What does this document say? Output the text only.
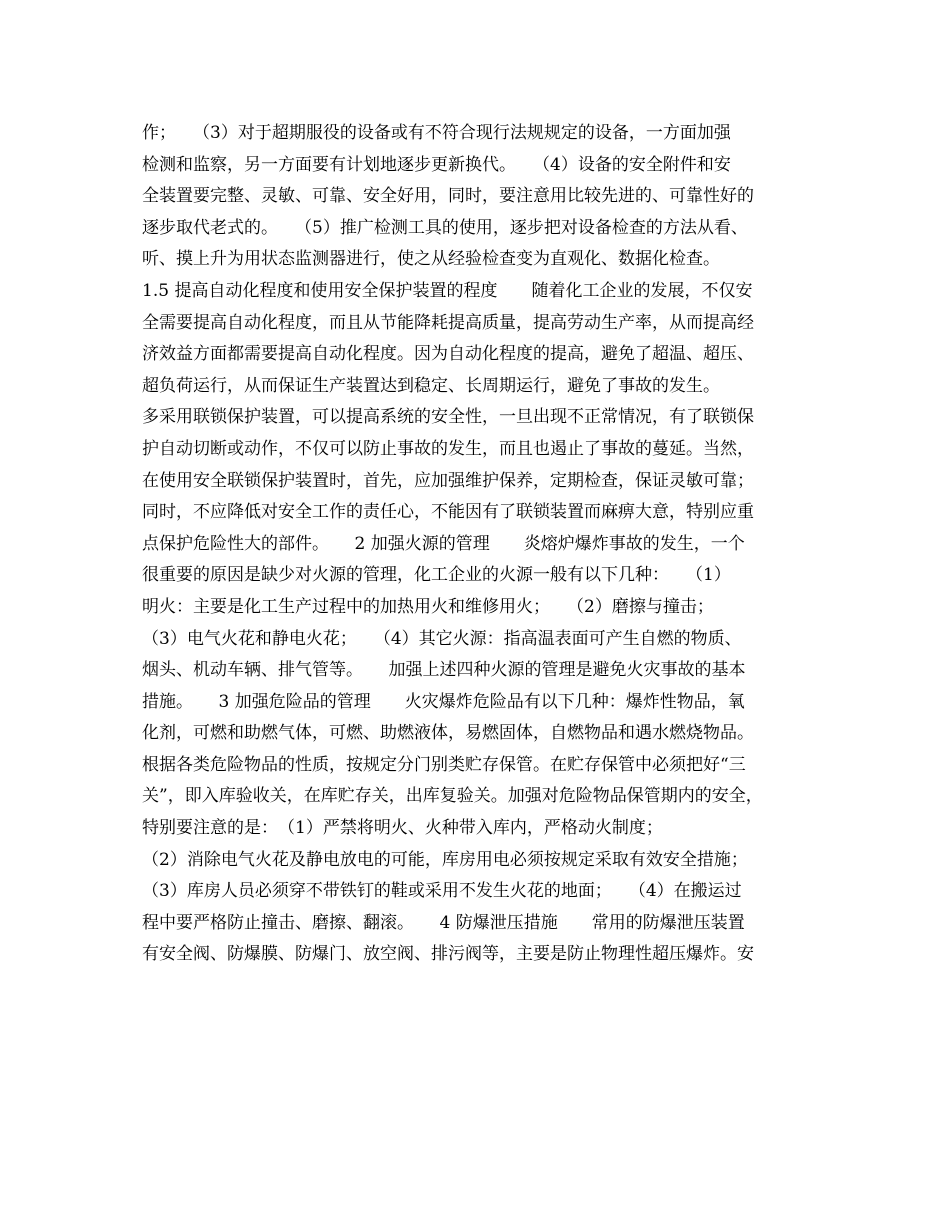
作；　　（3）对于超期服役的设备或有不符合现行法规规定的设备，一方面加强
检测和监察，另一方面要有计划地逐步更新换代。　　（4）设备的安全附件和安
全装置要完整、灵敏、可靠、安全好用，同时，要注意用比较先进的、可靠性好的
逐步取代老式的。　　（5）推广检测工具的使用，逐步把对设备检查的方法从看、
听、摸上升为用状态监测器进行，使之从经验检查变为直观化、数据化检查。
1.5 提高自动化程度和使用安全保护装置的程度　　随着化工企业的发展，不仅安
全需要提高自动化程度，而且从节能降耗提高质量，提高劳动生产率，从而提高经
济效益方面都需要提高自动化程度。因为自动化程度的提高，避免了超温、超压、
超负荷运行，从而保证生产装置达到稳定、长周期运行，避免了事故的发生。
多采用联锁保护装置，可以提高系统的安全性，一旦出现不正常情况，有了联锁保
护自动切断或动作，不仅可以防止事故的发生，而且也遏止了事故的蔓延。当然，
在使用安全联锁保护装置时，首先，应加强维护保养，定期检查，保证灵敏可靠；
同时，不应降低对安全工作的责任心，不能因有了联锁装置而麻痹大意，特别应重
点保护危险性大的部件。　　2 加强火源的管理　　炎熔炉爆炸事故的发生，一个
很重要的原因是缺少对火源的管理，化工企业的火源一般有以下几种：　　（1）
明火：主要是化工生产过程中的加热用火和维修用火；　　（2）磨擦与撞击；
（3）电气火花和静电火花；　　（4）其它火源：指高温表面可产生自燃的物质、
烟头、机动车辆、排气管等。　　加强上述四种火源的管理是避免火灾事故的基本
措施。　　3 加强危险品的管理　　火灾爆炸危险品有以下几种：爆炸性物品，氧
化剂，可燃和助燃气体，可燃、助燃液体，易燃固体，自燃物品和遇水燃烧物品。
根据各类危险物品的性质，按规定分门别类贮存保管。在贮存保管中必须把好“三
关”，即入库验收关，在库贮存关，出库复验关。加强对危险物品保管期内的安全，
特别要注意的是：　（1）严禁将明火、火种带入库内，严格动火制度；
（2）消除电气火花及静电放电的可能，库房用电必须按规定采取有效安全措施；
（3）库房人员必须穿不带铁钉的鞋或采用不发生火花的地面；　　（4）在搬运过
程中要严格防止撞击、磨擦、翻滚。　　4 防爆泄压措施　　常用的防爆泄压装置
有安全阀、防爆膜、防爆门、放空阀、排污阀等，主要是防止物理性超压爆炸。安
